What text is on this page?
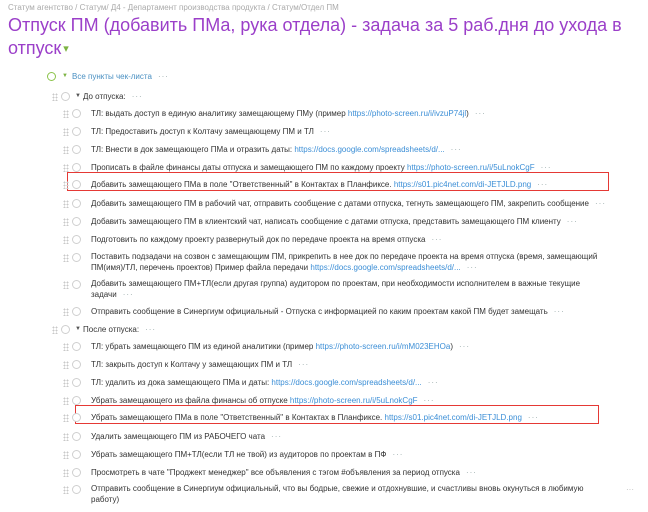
Статум агентство / Статум/ Д4 - Департамент производства продукта / Статум/Отдел ПМ
Отпуск ПМ (добавить ПМа, рука отдела) - задача за 5 раб.дня до ухода в отпуск ▾
▼ Все пункты чек-листа ···
▼ До отпуска: ···
ТЛ: выдать доступ в единую аналитику замещающему ПМу (пример https://photo-screen.ru/i/ivzuP74jl) ···
ТЛ: Предоставить доступ к Колтачу замещающему ПМ и ТЛ ···
ТЛ: Внести в док замещающего ПМа и отразить даты: https://docs.google.com/spreadsheets/d/... ···
Прописать в файле финансы даты отпуска и замещающего ПМ по каждому проекту https://photo-screen.ru/i/5uLnokCgF ···
Добавить замещающего ПМа в поле "Ответственный" в Контактах в Планфиксе. https://s01.pic4net.com/di-JETJLD.png ···
Добавить замещающего ПМ в рабочий чат, отправить сообщение с датами отпуска, тегнуть замещающего ПМ, закрепить сообщение ···
Добавить замещающего ПМ в клиентский чат, написать сообщение с датами отпуска, представить замещающего ПМ клиенту ···
Подготовить по каждому проекту развернутый док по передаче проекта на время отпуска ···
Поставить подзадачи на созвон с замещающим ПМ, прикрепить в нее док по передаче проекта на время отпуска (время, замещающий ПМ(имя)/ТЛ, перечень проектов) Пример файла передачи https://docs.google.com/spreadsheets/d/... ···
Добавить замещающего ПМ+ТЛ(если другая группа) аудитором по проектам, при необходимости исполнителем в важные текущие задачи ···
Отправить сообщение в Синергиум официальный - Отпуска с информацией по каким проектам какой ПМ будет замещать ···
▼ После отпуска: ···
ТЛ: убрать замещающего ПМ из единой аналитики (пример https://photo-screen.ru/i/mM023EHOa) ···
ТЛ: закрыть доступ к Колтачу у замещающих ПМ и ТЛ ···
ТЛ: удалить из дока замещающего ПМа и даты: https://docs.google.com/spreadsheets/d/... ···
Убрать замещающего из файла финансы об отпуске https://photo-screen.ru/i/5uLnokCgF ···
Убрать замещающего ПМа в поле "Ответственный" в Контактах в Планфиксе. https://s01.pic4net.com/di-JETJLD.png ···
Удалить замещающего ПМ из РАБОЧЕГО чата ···
Убрать замещающего ПМ+ТЛ(если ТЛ не твой) из аудиторов по проектам в ПФ ···
Просмотреть в чате "Проджект менеджер" все объявления с тэгом #объявления за период отпуска ···
Отправить сообщение в Синергиум официальный, что вы бодрые, свежие и отдохнувшие, и счастливы вновь окунуться в любимую работу)
···
